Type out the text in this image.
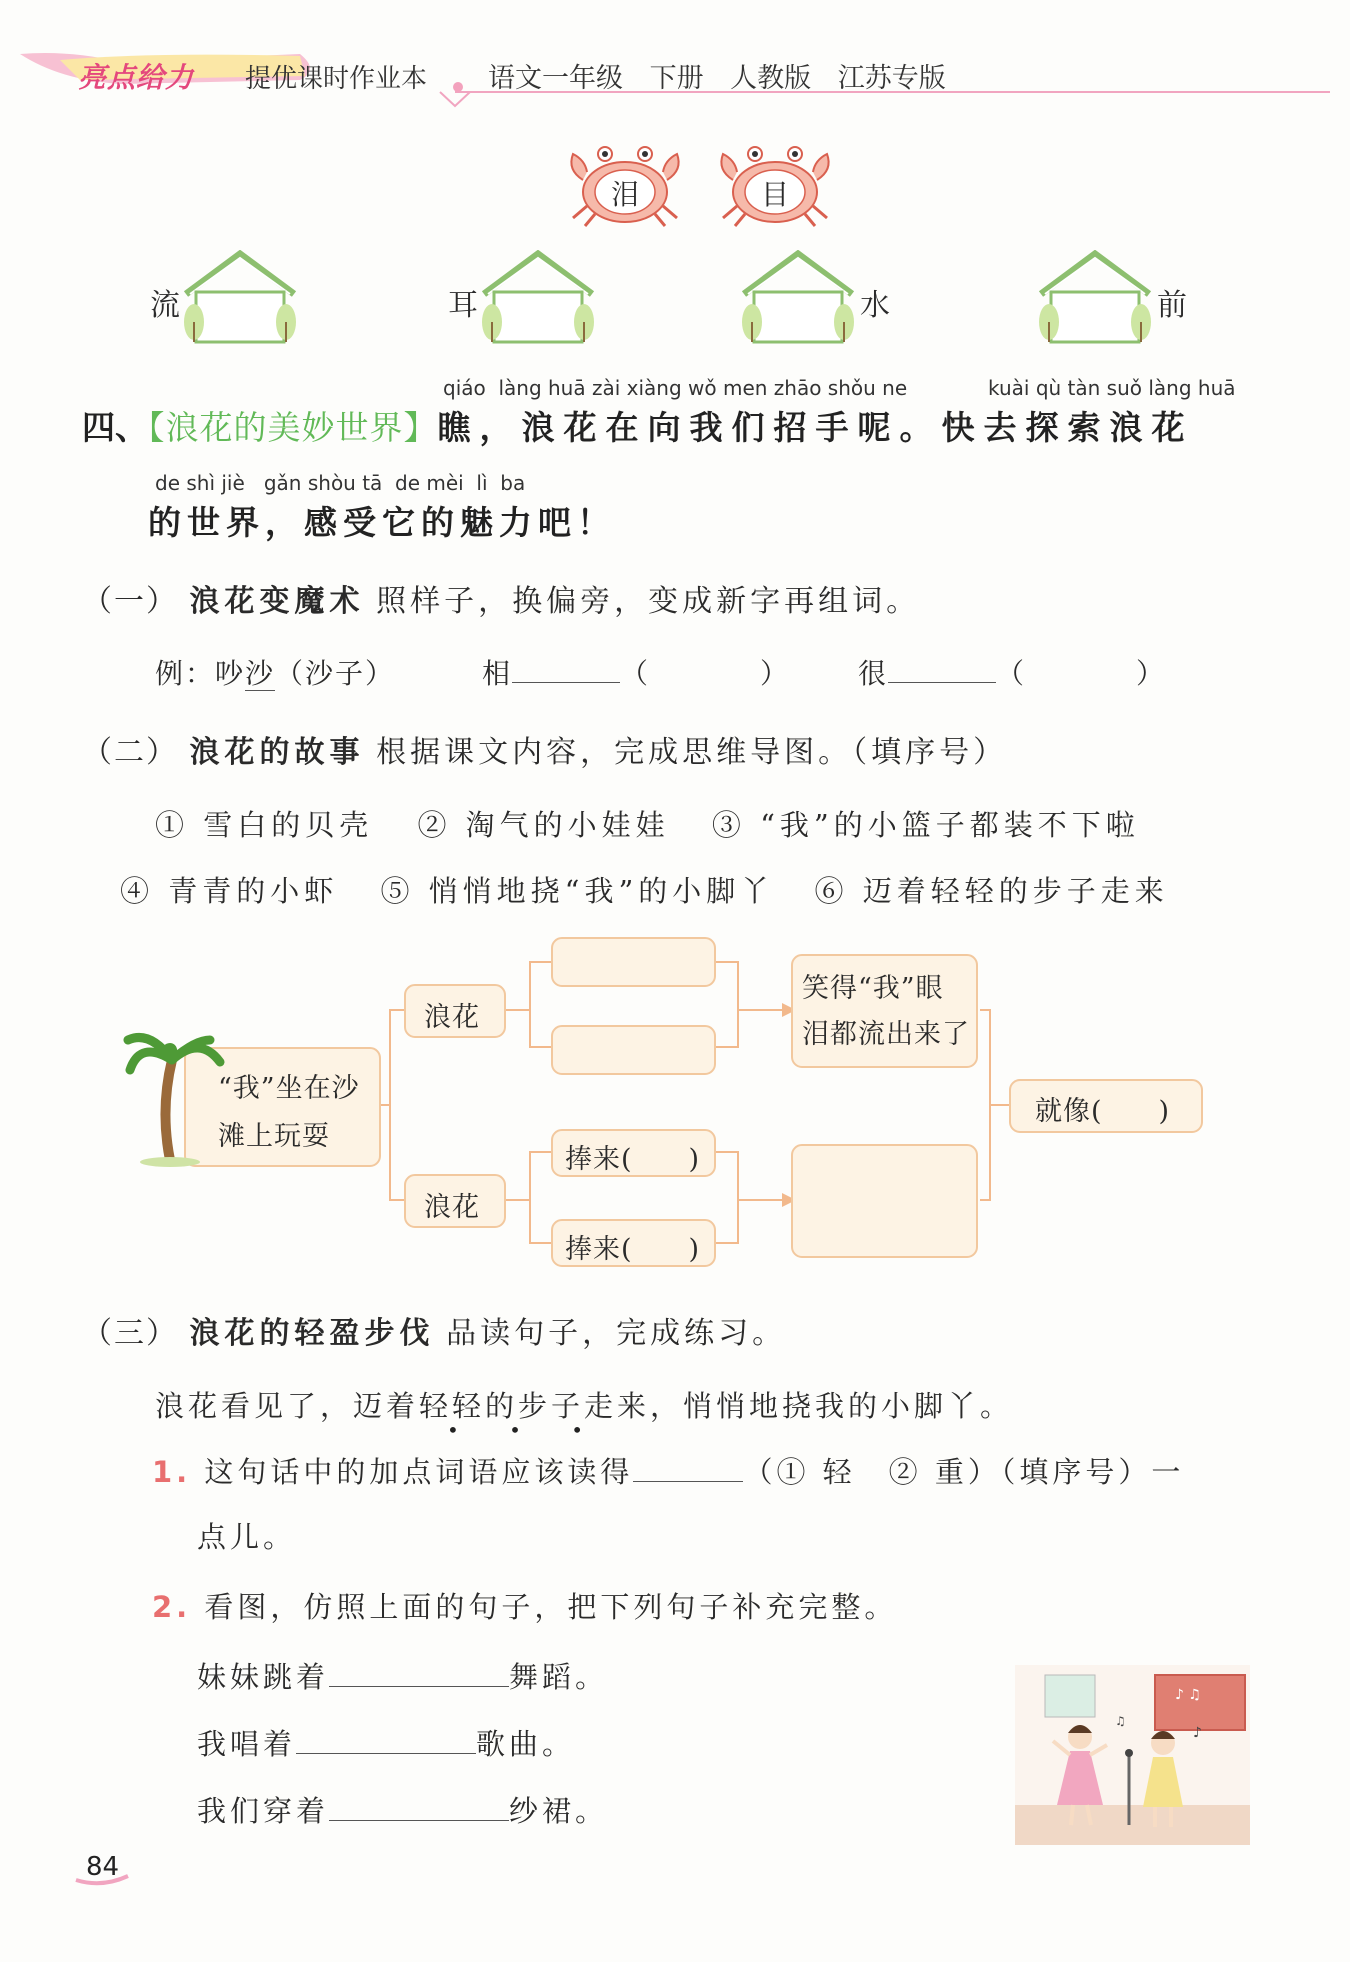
亮点给力 提优课时作业本 语文一年级 下册 人教版 江苏专版
泪	目
流	耳	水	前
qiáo  làng huā zài xiàng wǒ men zhāo shǒu ne	kuài qù tàn suǒ làng huā
四、【浪花的美妙世界】瞧，浪花在向我们招手呢。快去探索浪花
de shì jiè   gǎn shòu tā  de mèi  lì  ba
的世界，感受它的魅力吧！
（一） 浪花变魔术 照样子，换偏旁，变成新字再组词。
例：吵沙（沙子）	相	（	） 很	（	）
（二） 浪花的故事 根据课文内容，完成思维导图。（填序号）
① 雪白的贝壳 ② 淘气的小娃娃 ③ “我”的小篮子都装不下啦
④ 青青的小虾 ⑤ 悄悄地挠“我”的小脚丫 ⑥ 迈着轻轻的步子走来
“我”坐在沙
滩上玩耍
浪花
浪花
捧来(　　)
捧来(　　)
笑得“我”眼
泪都流出来了
就像(　　)
（三） 浪花的轻盈步伐 品读句子，完成练习。
浪花看见了，迈着轻轻的步子走来，悄悄地挠我的小脚丫。
• • •
1. 这句话中的加点词语应该读得	（① 轻　② 重）（填序号）一
点儿。
2. 看图，仿照上面的句子，把下列句子补充完整。
妹妹跳着	舞蹈。
我唱着	歌曲。
我们穿着	纱裙。
♪ ♫
♪
♫
84
